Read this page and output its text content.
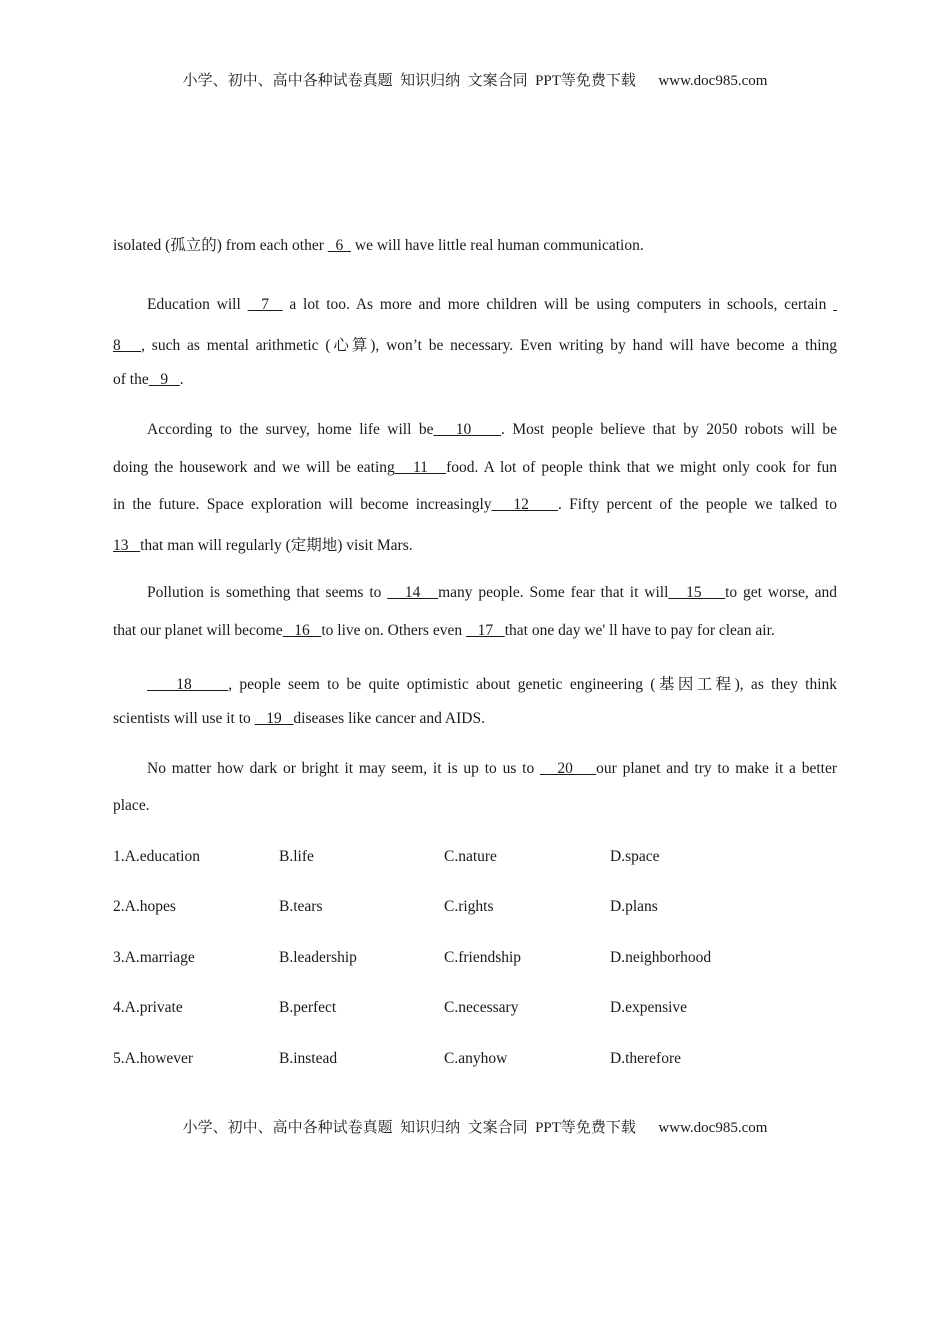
小学、初中、高中各种试卷真题  知识归纳  文案合同  PPT等免费下载      www.doc985.com
isolated (孤立的) from each other   6   we will have little real human communication.
Education will   7   a lot too. As more and more children will be using computers in schools, certain
8   , such as mental arithmetic (心算), won’t be necessary. Even writing by hand will have become a thing
of the   9   .
According to the survey, home life will be   10    . Most people believe that by 2050 robots will be
doing the housework and we will be eating   11   food. A lot of people think that we might only cook for fun
in the future. Space exploration will become increasingly   12    . Fifty percent of the people we talked to
13   that man will regularly (定期地) visit Mars.
Pollution is something that seems to    14   many people. Some fear that it will   15    to get worse, and
that our planet will become   16   to live on. Others even    17   that one day we' ll have to pay for clean air.
18     , people seem to be quite optimistic about genetic engineering (基因工程), as they think
scientists will use it to    19   diseases like cancer and AIDS.
No matter how dark or bright it may seem, it is up to us to    20    our planet and try to make it a better
place.
1.A.education	B.life	C.nature	D.space
2.A.hopes	B.tears	C.rights	D.plans
3.A.marriage	B.leadership	C.friendship	D.neighborhood
4.A.private	B.perfect	C.necessary	D.expensive
5.A.however	B.instead	C.anyhow	D.therefore
小学、初中、高中各种试卷真题  知识归纳  文案合同  PPT等免费下载      www.doc985.com
